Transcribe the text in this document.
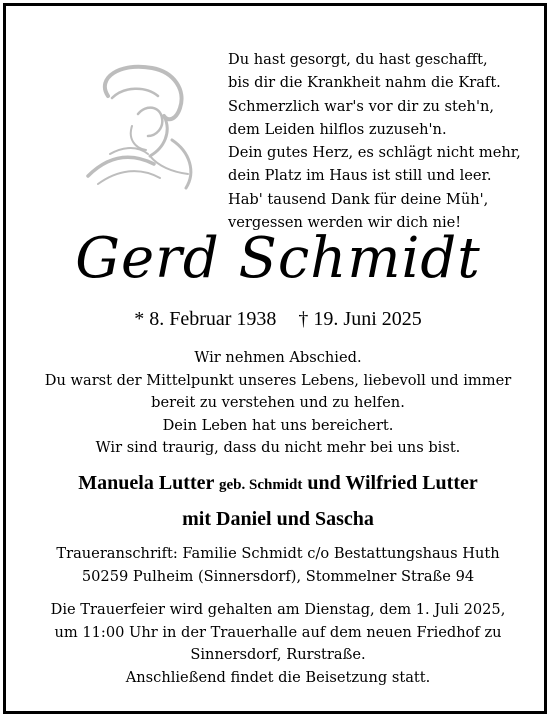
Du hast gesorgt, du hast geschafft,
bis dir die Krankheit nahm die Kraft.
Schmerzlich war's vor dir zu steh'n,
dem Leiden hilflos zuzuseh'n.
Dein gutes Herz, es schlägt nicht mehr,
dein Platz im Haus ist still und leer.
Hab' tausend Dank für deine Müh',
vergessen werden wir dich nie!
Gerd Schmidt
* 8. Februar 1938 † 19. Juni 2025
Wir nehmen Abschied.
Du warst der Mittelpunkt unseres Lebens, liebevoll und immer
bereit zu verstehen und zu helfen.
Dein Leben hat uns bereichert.
Wir sind traurig, dass du nicht mehr bei uns bist.
Manuela Lutter geb. Schmidt und Wilfried Lutter
mit Daniel und Sascha
Traueranschrift: Familie Schmidt c/o Bestattungshaus Huth
50259 Pulheim (Sinnersdorf), Stommelner Straße 94
Die Trauerfeier wird gehalten am Dienstag, dem 1. Juli 2025,
um 11:00 Uhr in der Trauerhalle auf dem neuen Friedhof zu
Sinnersdorf, Rurstraße.
Anschließend findet die Beisetzung statt.
